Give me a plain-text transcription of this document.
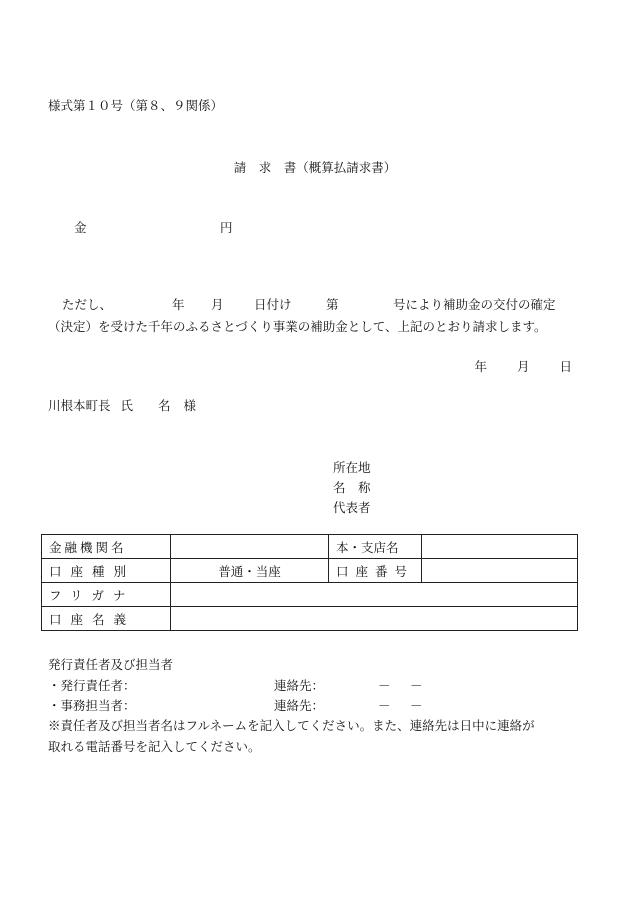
様式第１０号（第８、９関係）
請　求　書（概算払請求書）
金	円
ただし、	年 月 日付け	第	号により補助金の交付の確定
（決定）を受けた千年のふるさとづくり事業の補助金として、上記のとおり請求します。
年 月 日
川根本町長 氏　　名 様
所在地
名　称
代表者
金融機関名		本・支店名	
口座種別	普通・当座	口座番号	
フリガナ			
口座名義			
発行責任者及び担当者
・発行責任者：	連絡先：	－ －
・事務担当者：	連絡先：	－ －
※責任者及び担当者名はフルネームを記入してください。また、連絡先は日中に連絡が
取れる電話番号を記入してください。
